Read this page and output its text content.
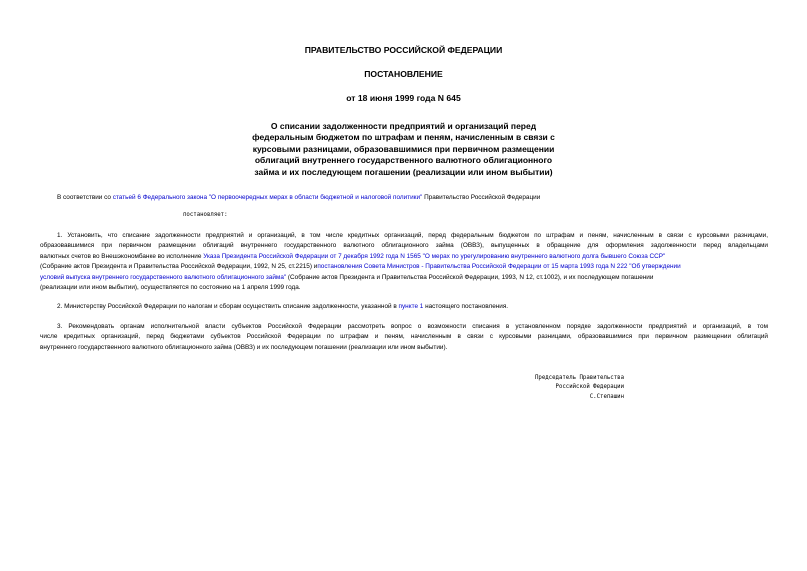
ПРАВИТЕЛЬСТВО РОССИЙСКОЙ ФЕДЕРАЦИИ
ПОСТАНОВЛЕНИЕ
от 18 июня 1999 года N 645
О списании задолженности предприятий и организаций перед
федеральным бюджетом по штрафам и пеням, начисленным в связи с
курсовыми разницами, образовавшимися при первичном размещении
облигаций внутреннего государственного валютного облигационного
займа и их последующем погашении (реализации или ином выбытии)
В соответствии со статьей 6 Федерального закона "О первоочередных мерах в области бюджетной и налоговой политики" Правительство Российской Федерации
постановляет:
1. Установить, что списание задолженности предприятий и организаций, в том числе кредитных организаций, перед федеральным бюджетом по штрафам и пеням, начисленным в связи с курсовыми разницами,
образовавшимися при первичном размещении облигаций внутреннего государственного валютного облигационного займа (ОВВЗ), выпущенных в обращение для оформления задолженности перед владельцами
валютных счетов во Внешэкономбанке во исполнение Указа Президента Российской Федерации от 7 декабря 1992 года N 1565 "О мерах по урегулированию внутреннего валютного долга бывшего Союза ССР"
(Собрание актов Президента и Правительства Российской Федерации, 1992, N 25, ст.2215) ипостановления Совета Министров - Правительства Российской Федерации от 15 марта 1993 года N 222 "Об утверждении
условий выпуска внутреннего государственного валютного облигационного займа" (Собрание актов Президента и Правительства Российской Федерации, 1993, N 12, ст.1002), и их последующем погашении
(реализации или ином выбытии), осуществляется по состоянию на 1 апреля 1999 года.
2. Министерству Российской Федерации по налогам и сборам осуществить списание задолженности, указанной в пункте 1 настоящего постановления.
3. Рекомендовать органам исполнительной власти субъектов Российской Федерации рассмотреть вопрос о возможности списания в установленном порядке задолженности предприятий и организаций, в том
числе кредитных организаций, перед бюджетами субъектов Российской Федерации по штрафам и пеням, начисленным в связи с курсовыми разницами, образовавшимися при первичном размещении облигаций
внутреннего государственного валютного облигационного займа (ОВВЗ) и их последующем погашении (реализации или ином выбытии).
Председатель Правительства
Российской Федерации
С.Степашин
